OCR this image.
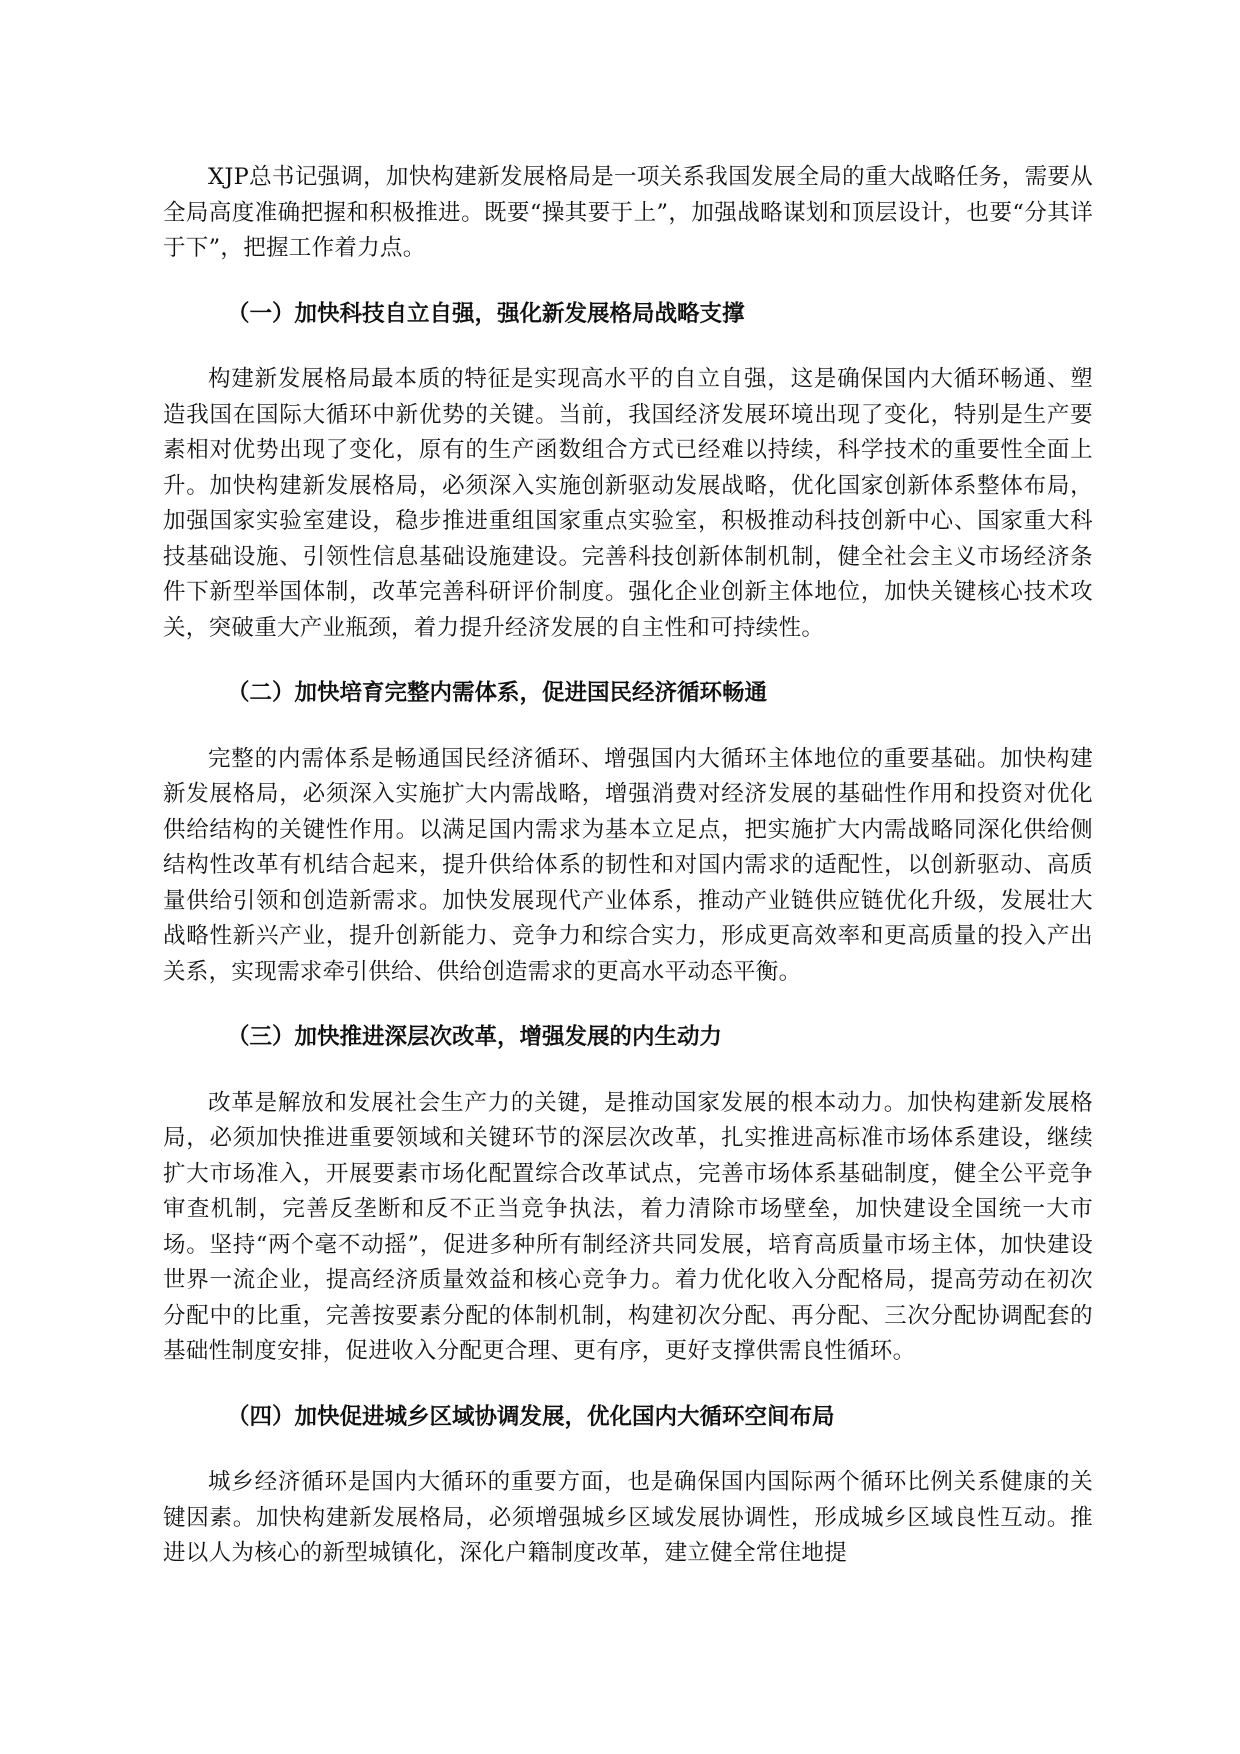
XJP总书记强调，加快构建新发展格局是一项关系我国发展全局的重大战略任务，需要从全局高度准确把握和积极推进。既要“操其要于上”，加强战略谋划和顶层设计，也要“分其详于下”，把握工作着力点。

（一）加快科技自立自强，强化新发展格局战略支撑

构建新发展格局最本质的特征是实现高水平的自立自强，这是确保国内大循环畅通、塑造我国在国际大循环中新优势的关键。当前，我国经济发展环境出现了变化，特别是生产要素相对优势出现了变化，原有的生产函数组合方式已经难以持续，科学技术的重要性全面上升。加快构建新发展格局，必须深入实施创新驱动发展战略，优化国家创新体系整体布局，加强国家实验室建设，稳步推进重组国家重点实验室，积极推动科技创新中心、国家重大科技基础设施、引领性信息基础设施建设。完善科技创新体制机制，健全社会主义市场经济条件下新型举国体制，改革完善科研评价制度。强化企业创新主体地位，加快关键核心技术攻关，突破重大产业瓶颈，着力提升经济发展的自主性和可持续性。

（二）加快培育完整内需体系，促进国民经济循环畅通

完整的内需体系是畅通国民经济循环、增强国内大循环主体地位的重要基础。加快构建新发展格局，必须深入实施扩大内需战略，增强消费对经济发展的基础性作用和投资对优化供给结构的关键性作用。以满足国内需求为基本立足点，把实施扩大内需战略同深化供给侧结构性改革有机结合起来，提升供给体系的韧性和对国内需求的适配性，以创新驱动、高质量供给引领和创造新需求。加快发展现代产业体系，推动产业链供应链优化升级，发展壮大战略性新兴产业，提升创新能力、竞争力和综合实力，形成更高效率和更高质量的投入产出关系，实现需求牵引供给、供给创造需求的更高水平动态平衡。

（三）加快推进深层次改革，增强发展的内生动力

改革是解放和发展社会生产力的关键，是推动国家发展的根本动力。加快构建新发展格局，必须加快推进重要领域和关键环节的深层次改革，扎实推进高标准市场体系建设，继续扩大市场准入，开展要素市场化配置综合改革试点，完善市场体系基础制度，健全公平竞争审查机制，完善反垄断和反不正当竞争执法，着力清除市场壁垒，加快建设全国统一大市场。坚持“两个毫不动摇”，促进多种所有制经济共同发展，培育高质量市场主体，加快建设世界一流企业，提高经济质量效益和核心竞争力。着力优化收入分配格局，提高劳动在初次分配中的比重，完善按要素分配的体制机制，构建初次分配、再分配、三次分配协调配套的基础性制度安排，促进收入分配更合理、更有序，更好支撑供需良性循环。

（四）加快促进城乡区域协调发展，优化国内大循环空间布局

城乡经济循环是国内大循环的重要方面，也是确保国内国际两个循环比例关系健康的关键因素。加快构建新发展格局，必须增强城乡区域发展协调性，形成城乡区域良性互动。推进以人为核心的新型城镇化，深化户籍制度改革，建立健全常住地提
